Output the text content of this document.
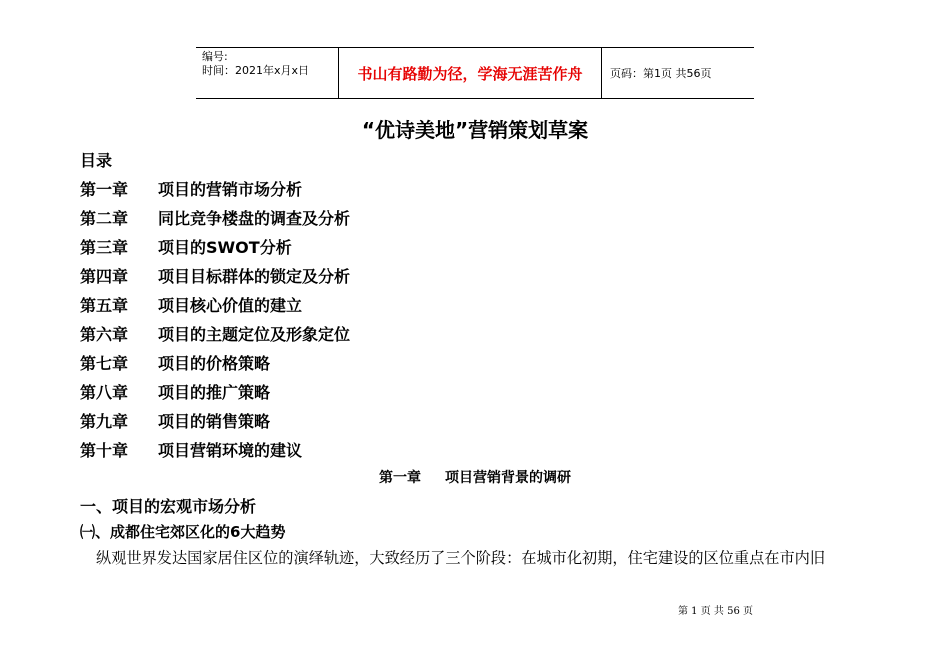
编号:
时间：2021年x月x日	书山有路勤为径，学海无涯苦作舟	页码：第1页 共56页
“优诗美地”营销策划草案
目录
第一章	项目的营销市场分析
第二章	同比竞争楼盘的调查及分析
第三章	项目的SWOT分析
第四章	项目目标群体的锁定及分析
第五章	项目核心价值的建立
第六章	项目的主题定位及形象定位
第七章	项目的价格策略
第八章	项目的推广策略
第九章	项目的销售策略
第十章	项目营销环境的建议
第一章 项目营销背景的调研
一、项目的宏观市场分析
㈠、成都住宅郊区化的6大趋势
纵观世界发达国家居住区位的演绎轨迹，大致经历了三个阶段：在城市化初期，住宅建设的区位重点在市内旧
第 1 页 共 56 页
